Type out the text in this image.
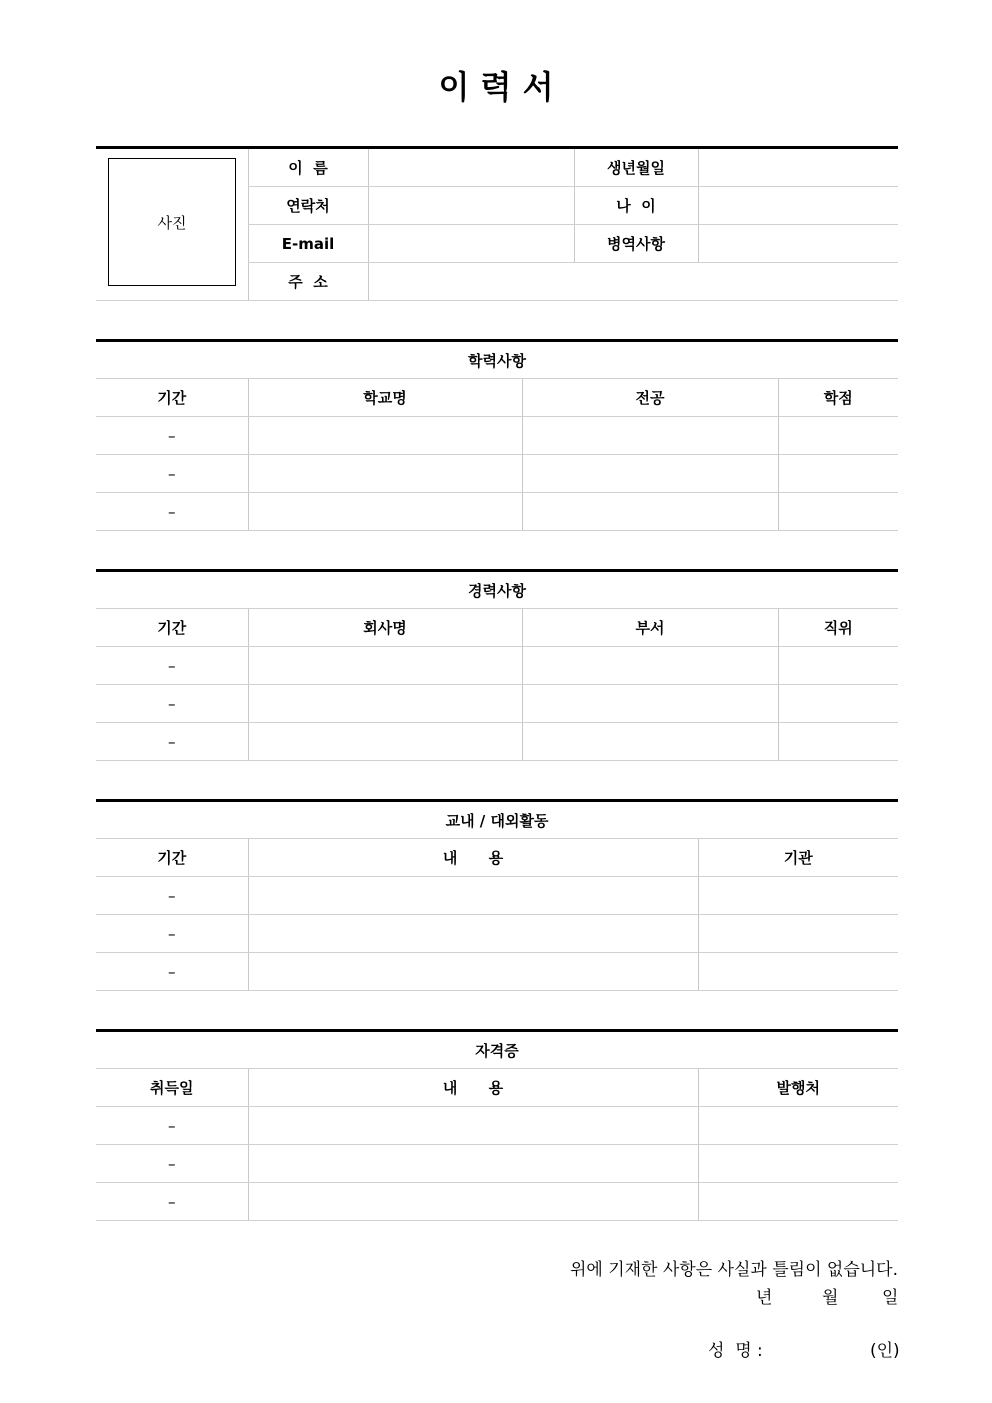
이 력 서
	이  름		생년월일	
	연락처		나  이	
	E-mail		병역사항	
	주  소			
사진
학력사항			
기간	학교명	전공	학점
–			
–			
–			
경력사항			
기간	회사명	부서	직위
–			
–			
–			
교내 / 대외활동		
기간	내      용	기관
–		
–		
–		
자격증		
취득일	내      용	발행처
–		
–		
–		
위에 기재한 사항은 사실과 틀림이 없습니다.
년	월	일
성  명 :	(인)
